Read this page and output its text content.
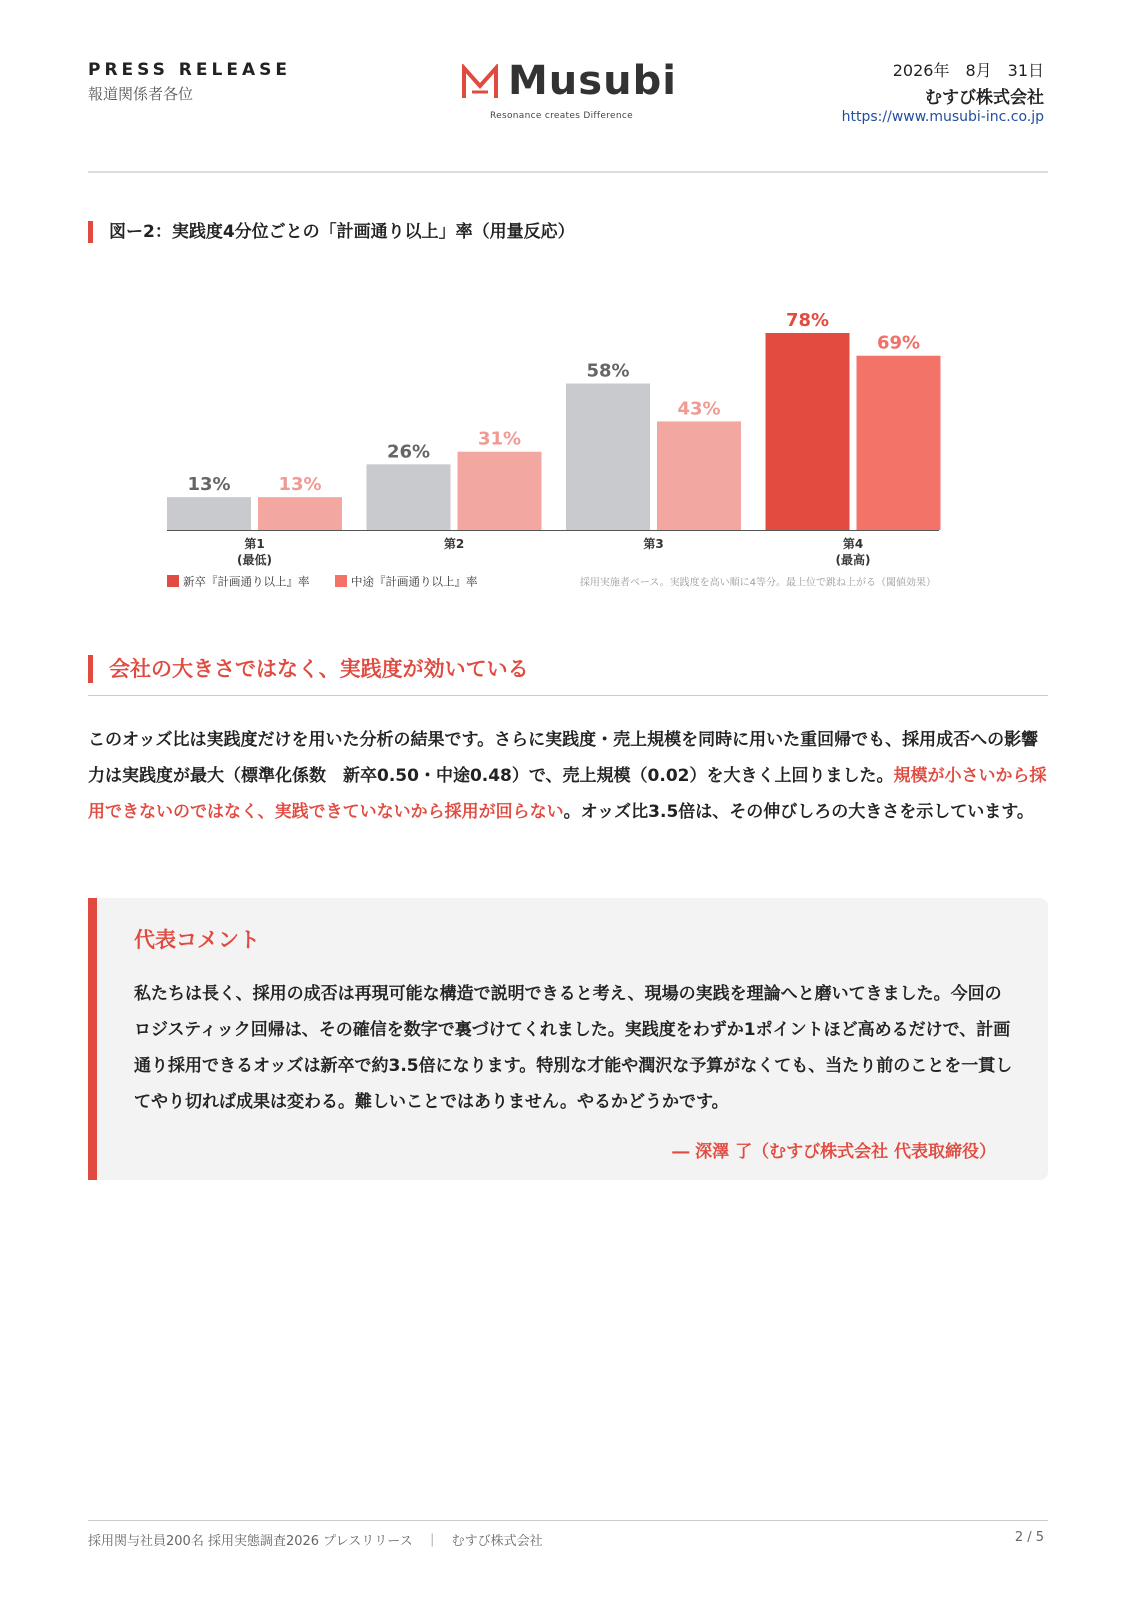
PRESS RELEASE
報道関係者各位	Musubi
Resonance creates Difference
2026年　8月　31日
むすび株式会社
https://www.musubi-inc.co.jp
図ー2：実践度4分位ごとの「計画通り以上」率（用量反応）
13%	13%
第1
(最低)
26%
31%
第2
58%
43%
第3
78%
69%
第4
(最高)
新卒『計画通り以上』率	中途『計画通り以上』率	採用実施者ベース。実践度を高い順に4等分。最上位で跳ね上がる（閾値効果）
会社の大きさではなく、実践度が効いている
このオッズ比は実践度だけを用いた分析の結果です。さらに実践度・売上規模を同時に用いた重回帰でも、採用成否への影響力は実践度が最大（標準化係数　新卒0.50・中途0.48）で、売上規模（0.02）を大きく上回りました。規模が小さいから採用できないのではなく、実践できていないから採用が回らない。オッズ比3.5倍は、その伸びしろの大きさを示しています。
代表コメント
私たちは長く、採用の成否は再現可能な構造で説明できると考え、現場の実践を理論へと磨いてきました。今回のロジスティック回帰は、その確信を数字で裏づけてくれました。実践度をわずか1ポイントほど高めるだけで、計画通り採用できるオッズは新卒で約3.5倍になります。特別な才能や潤沢な予算がなくても、当たり前のことを一貫してやり切れば成果は変わる。難しいことではありません。やるかどうかです。
― 深澤 了（むすび株式会社 代表取締役）
採用関与社員200名 採用実態調査2026 プレスリリース　｜　むすび株式会社	2 / 5
